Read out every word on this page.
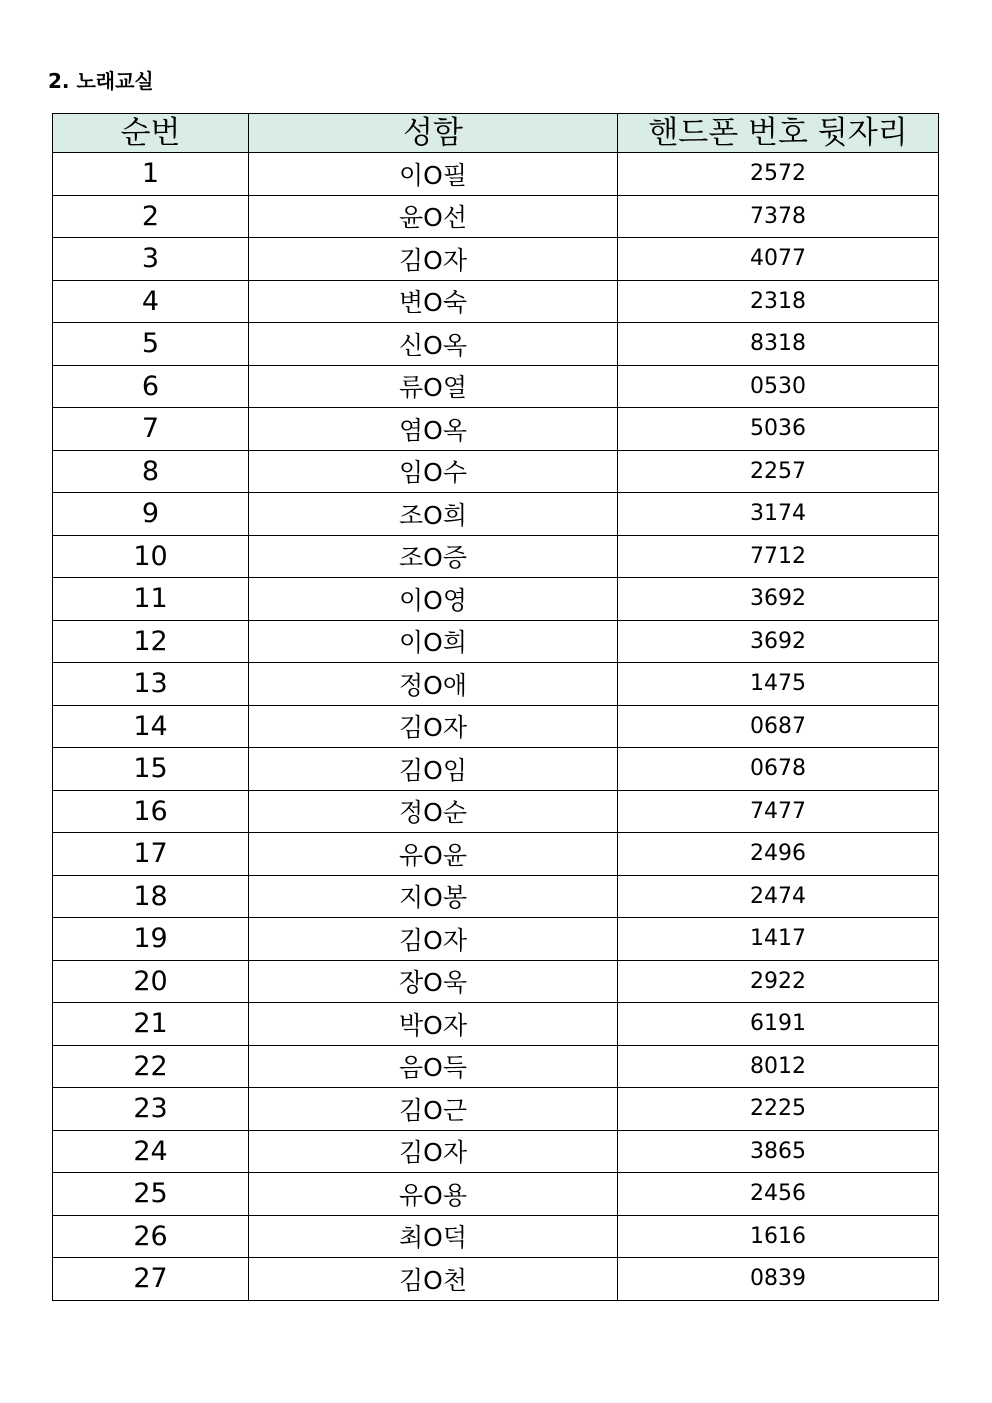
2. 노래교실
순번	성함	핸드폰 번호 뒷자리
1	이O필	2572
2	윤O선	7378
3	김O자	4077
4	변O숙	2318
5	신O옥	8318
6	류O열	0530
7	염O옥	5036
8	임O수	2257
9	조O희	3174
10	조O증	7712
11	이O영	3692
12	이O희	3692
13	정O애	1475
14	김O자	0687
15	김O임	0678
16	정O순	7477
17	유O윤	2496
18	지O봉	2474
19	김O자	1417
20	장O욱	2922
21	박O자	6191
22	음O득	8012
23	김O근	2225
24	김O자	3865
25	유O용	2456
26	최O덕	1616
27	김O천	0839
